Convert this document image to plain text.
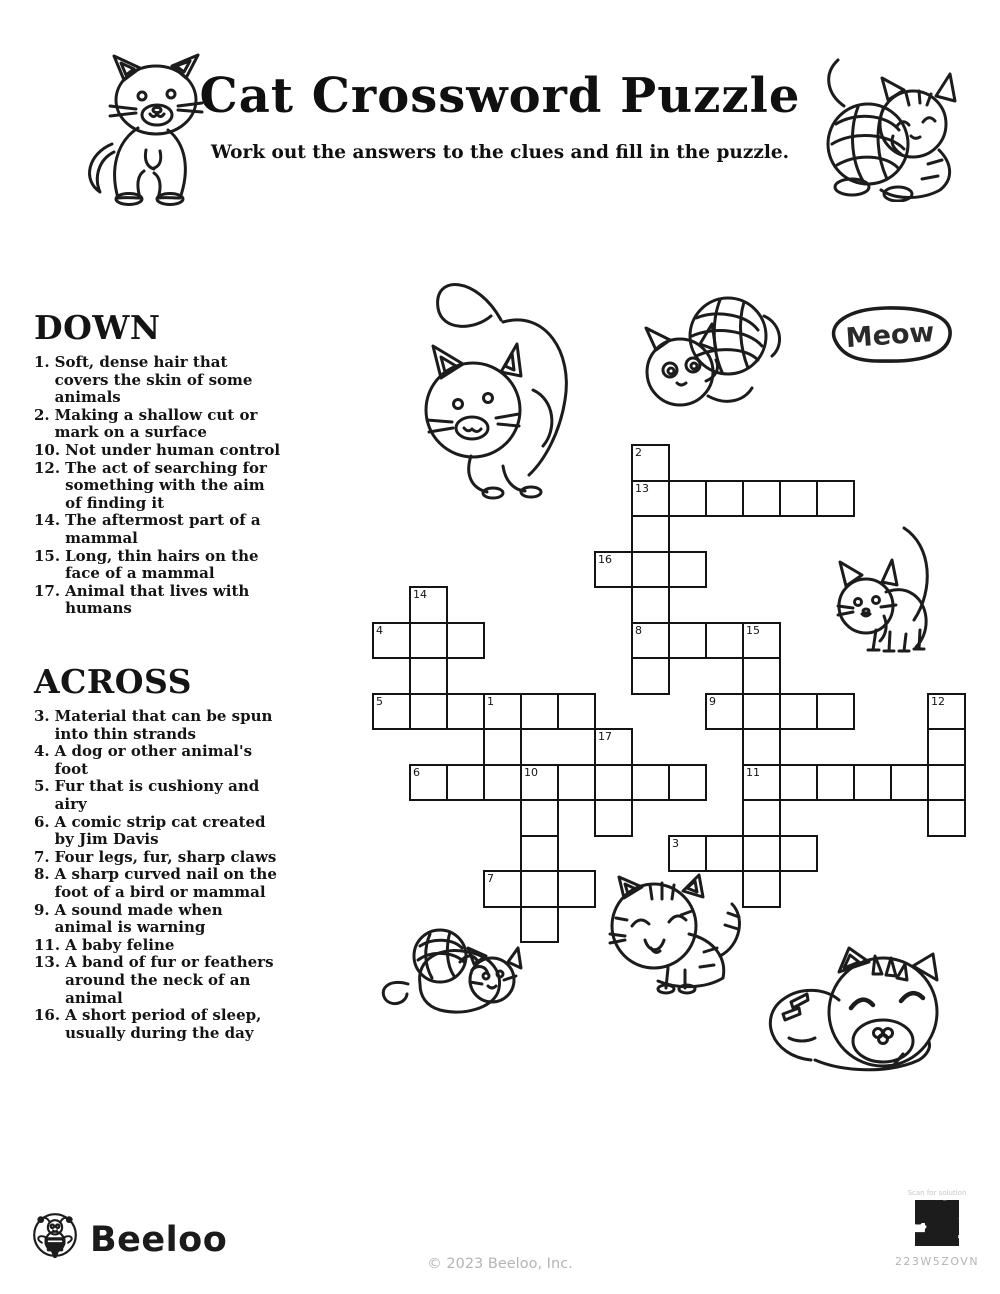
Cat Crossword Puzzle
Work out the answers to the clues and fill in the puzzle.
DOWN
1. Soft, dense hair that covers the skin of some animals
2. Making a shallow cut or mark on a surface
10. Not under human control
12. The act of searching for something with the aim of finding it
14. The aftermost part of a mammal
15. Long, thin hairs on the face of a mammal
17. Animal that lives with humans
ACROSS
3. Material that can be spun into thin strands
4. A dog or other animal's foot
5. Fur that is cushiony and airy
6. A comic strip cat created by Jim Davis
7. Four legs, fur, sharp claws
8. A sharp curved nail on the foot of a bird or mammal
9. A sound made when animal is warning
11. A baby feline
13. A band of fur or feathers around the neck of an animal
16. A short period of sleep, usually during the day
2
13
16
14
4	8	15
5	1	9	12
17
6	10	11
3
7
Meow
Beeloo
© 2023 Beeloo, Inc.
Scan for solution
223W5ZOVN
